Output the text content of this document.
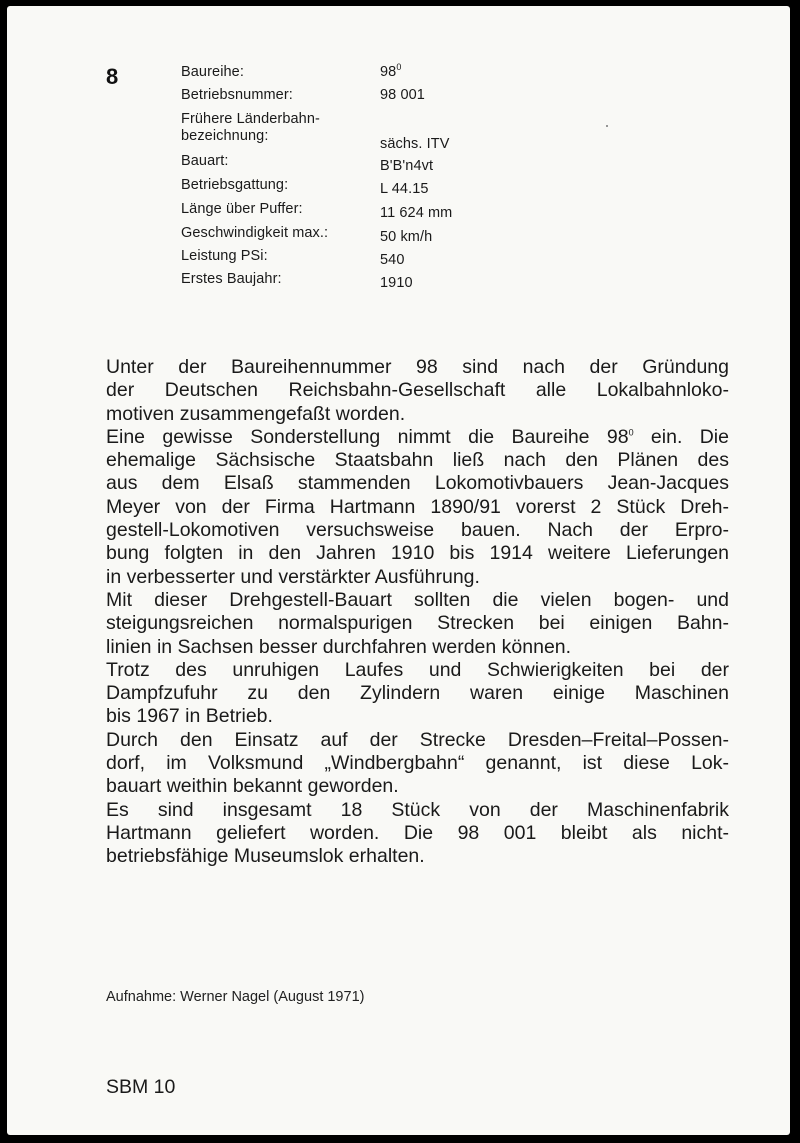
8	Baureihe:	$98^0$
Betriebsnummer:	98 001
Frühere Länderbahn-
bezeichnung:	sächs. ITV
Bauart:	B'B'n4vt
Betriebsgattung:	L 44.15
Länge über Puffer:	11 624 mm
Geschwindigkeit max.:	50 km/h
Leistung PSi:	540
Erstes Baujahr:	1910
Unter der Baureihennummer 98 sind nach der Gründung
der Deutschen Reichsbahn-Gesellschaft alle Lokalbahnloko-
motiven zusammengefaßt worden.
Eine gewisse Sonderstellung nimmt die Baureihe $98^0$ ein. Die
ehemalige Sächsische Staatsbahn ließ nach den Plänen des
aus dem Elsaß stammenden Lokomotivbauers Jean-Jacques
Meyer von der Firma Hartmann 1890/91 vorerst 2 Stück Dreh-
gestell-Lokomotiven versuchsweise bauen. Nach der Erpro-
bung folgten in den Jahren 1910 bis 1914 weitere Lieferungen
in verbesserter und verstärkter Ausführung.
Mit dieser Drehgestell-Bauart sollten die vielen bogen- und
steigungsreichen normalspurigen Strecken bei einigen Bahn-
linien in Sachsen besser durchfahren werden können.
Trotz des unruhigen Laufes und Schwierigkeiten bei der
Dampfzufuhr zu den Zylindern waren einige Maschinen
bis 1967 in Betrieb.
Durch den Einsatz auf der Strecke Dresden–Freital–Possen-
dorf, im Volksmund „Windbergbahn“ genannt, ist diese Lok-
bauart weithin bekannt geworden.
Es sind insgesamt 18 Stück von der Maschinenfabrik
Hartmann geliefert worden. Die 98 001 bleibt als nicht-
betriebsfähige Museumslok erhalten.
Aufnahme: Werner Nagel (August 1971)
SBM 10
